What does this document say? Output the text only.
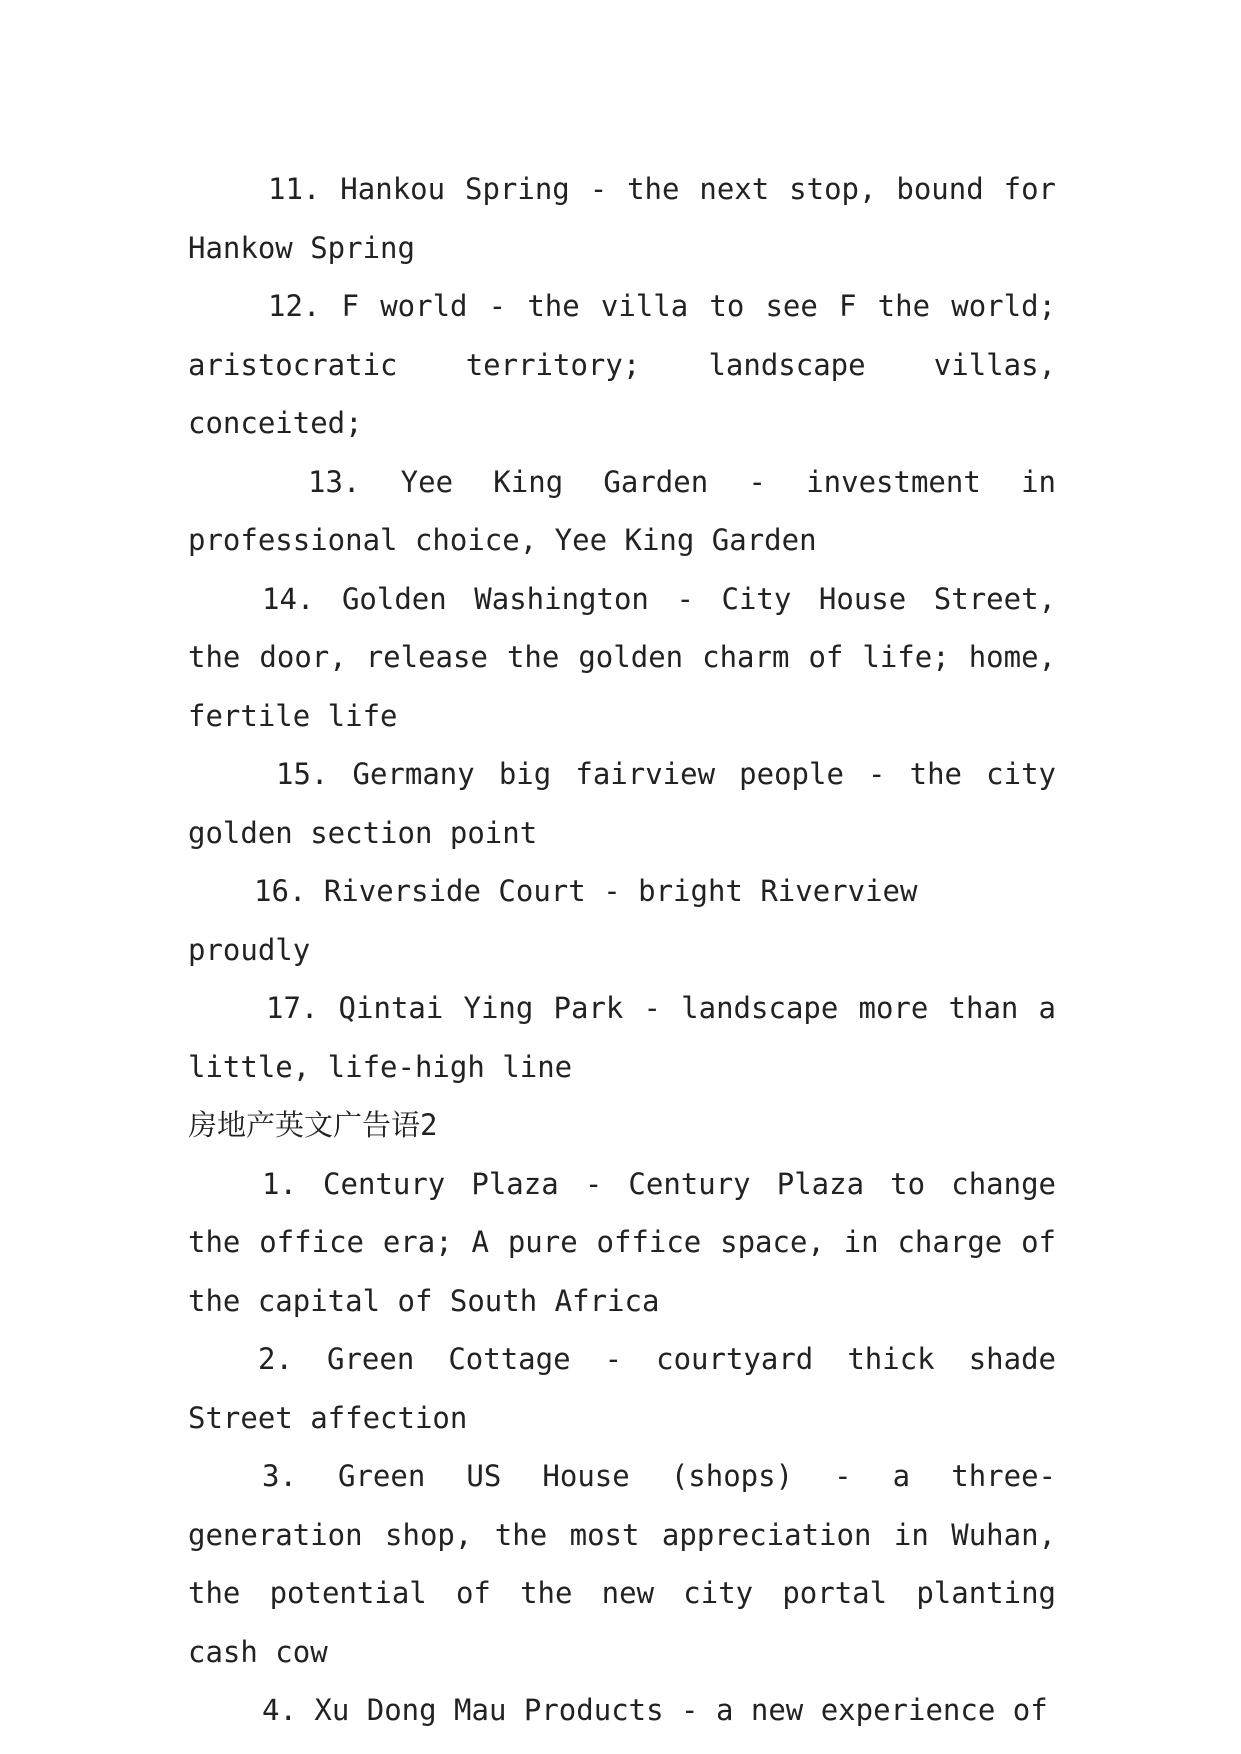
11. Hankou Spring - the next stop, bound for Hankow Spring

12. F world - the villa to see F the world; aristocratic territory; landscape villas, conceited;

13. Yee King Garden - investment in professional choice, Yee King Garden

14. Golden Washington - City House Street, the door, release the golden charm of life; home, fertile life

15. Germany big fairview people - the city golden section point

16. Riverside Court - bright Riverview proudly

17. Qintai Ying Park - landscape more than a little, life-high line

房地产英文广告语2

1. Century Plaza - Century Plaza to change the office era; A pure office space, in charge of the capital of South Africa

2. Green Cottage - courtyard thick shade Street affection

3. Green US House (shops) - a three-generation shop, the most appreciation in Wuhan, the potential of the new city portal planting cash cow

4. Xu Dong Mau Products - a new experience of
